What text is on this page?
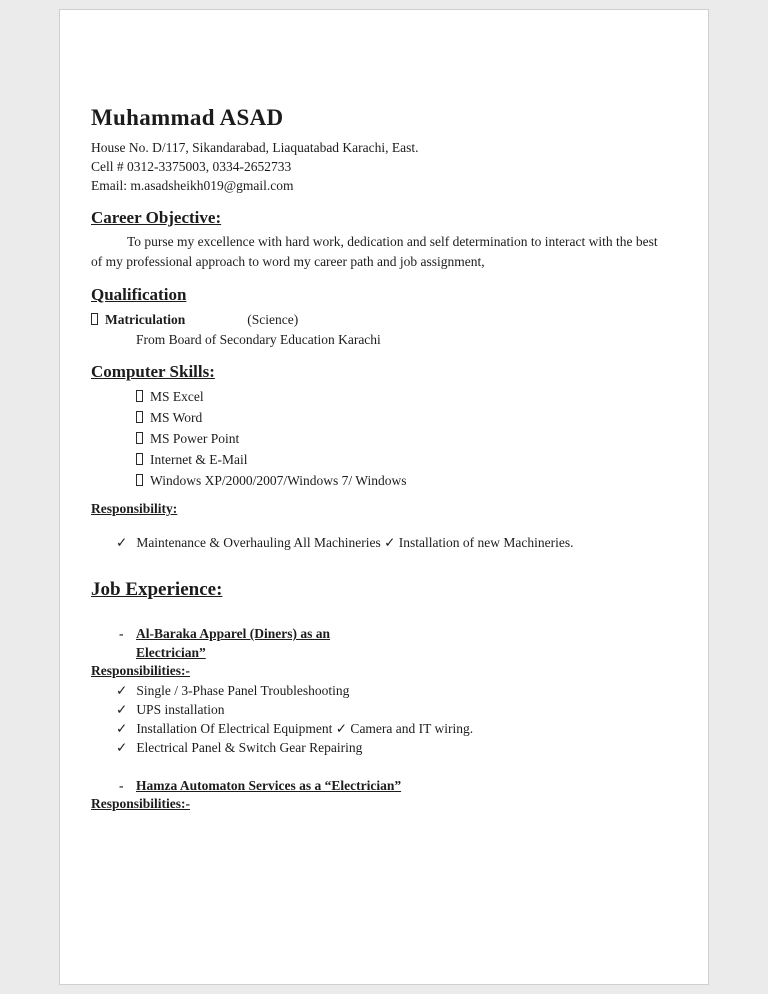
Muhammad ASAD
House No. D/117, Sikandarabad, Liaquatabad Karachi, East.
Cell # 0312-3375003, 0334-2652733
Email: m.asadsheikh019@gmail.com
Career Objective:
To purse my excellence with hard work, dedication and self determination to interact with the best of my professional approach to word my career path and job assignment,
Qualification
Matriculation	(Science)
From Board of Secondary Education Karachi
Computer Skills:
MS Excel
MS Word
MS Power Point
Internet & E-Mail
Windows XP/2000/2007/Windows 7/ Windows
Responsibility:
✓ Maintenance & Overhauling All Machineries ✓ Installation of new Machineries.
Job Experience:
- Al-Baraka Apparel (Diners) as an
Electrician”
Responsibilities:-
✓ Single / 3-Phase Panel Troubleshooting
✓ UPS installation
✓ Installation Of Electrical Equipment ✓ Camera and IT wiring.
✓ Electrical Panel & Switch Gear Repairing
- Hamza Automaton Services as a “Electrician”
Responsibilities:-
